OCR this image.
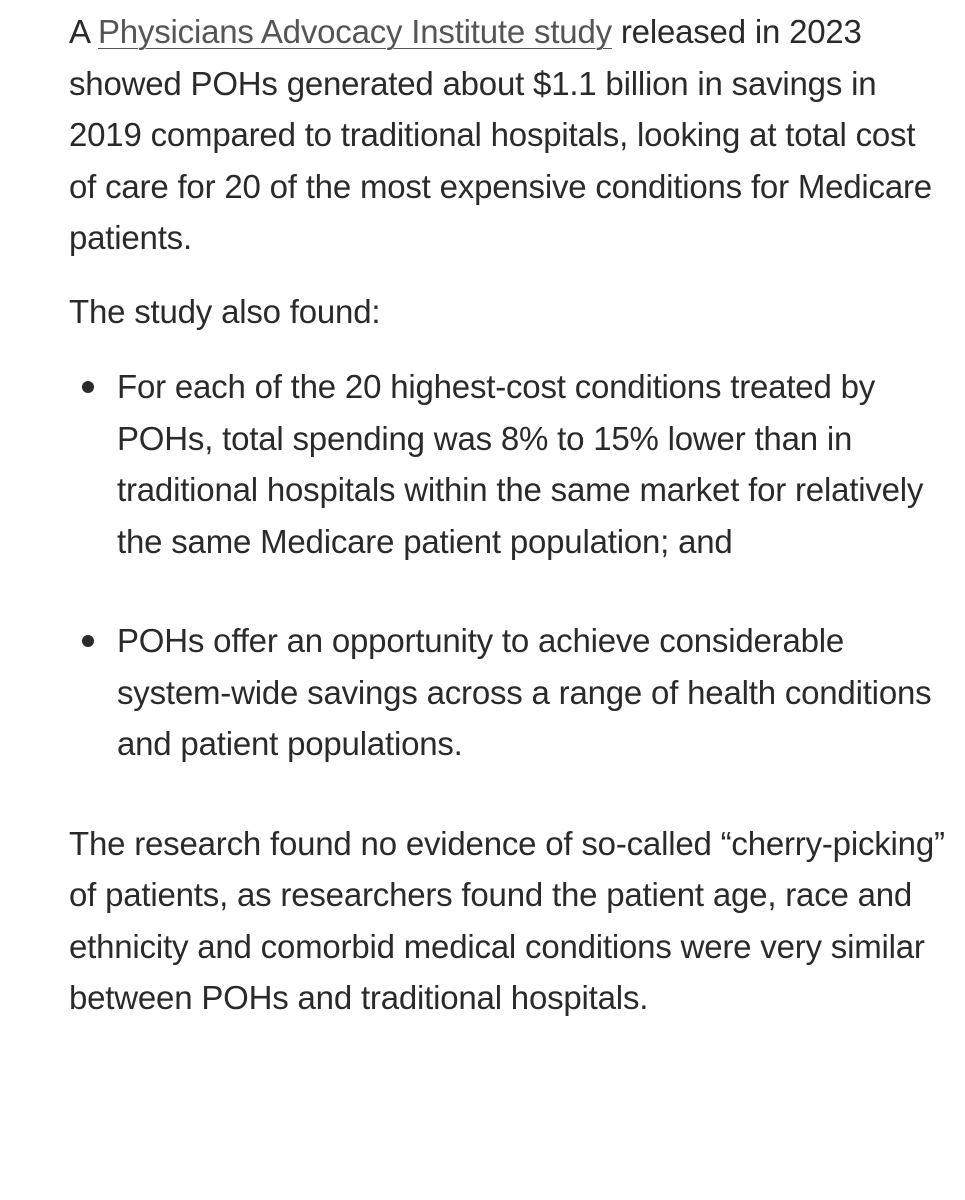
A Physicians Advocacy Institute study released in 2023 showed POHs generated about $1.1 billion in savings in 2019 compared to traditional hospitals, looking at total cost of care for 20 of the most expensive conditions for Medicare patients.

The study also found:

For each of the 20 highest-cost conditions treated by POHs, total spending was 8% to 15% lower than in traditional hospitals within the same market for relatively the same Medicare patient population; and
POHs offer an opportunity to achieve considerable system-wide savings across a range of health conditions and patient populations.

The research found no evidence of so-called “cherry-picking” of patients, as researchers found the patient age, race and ethnicity and comorbid medical conditions were very similar between POHs and traditional hospitals.
